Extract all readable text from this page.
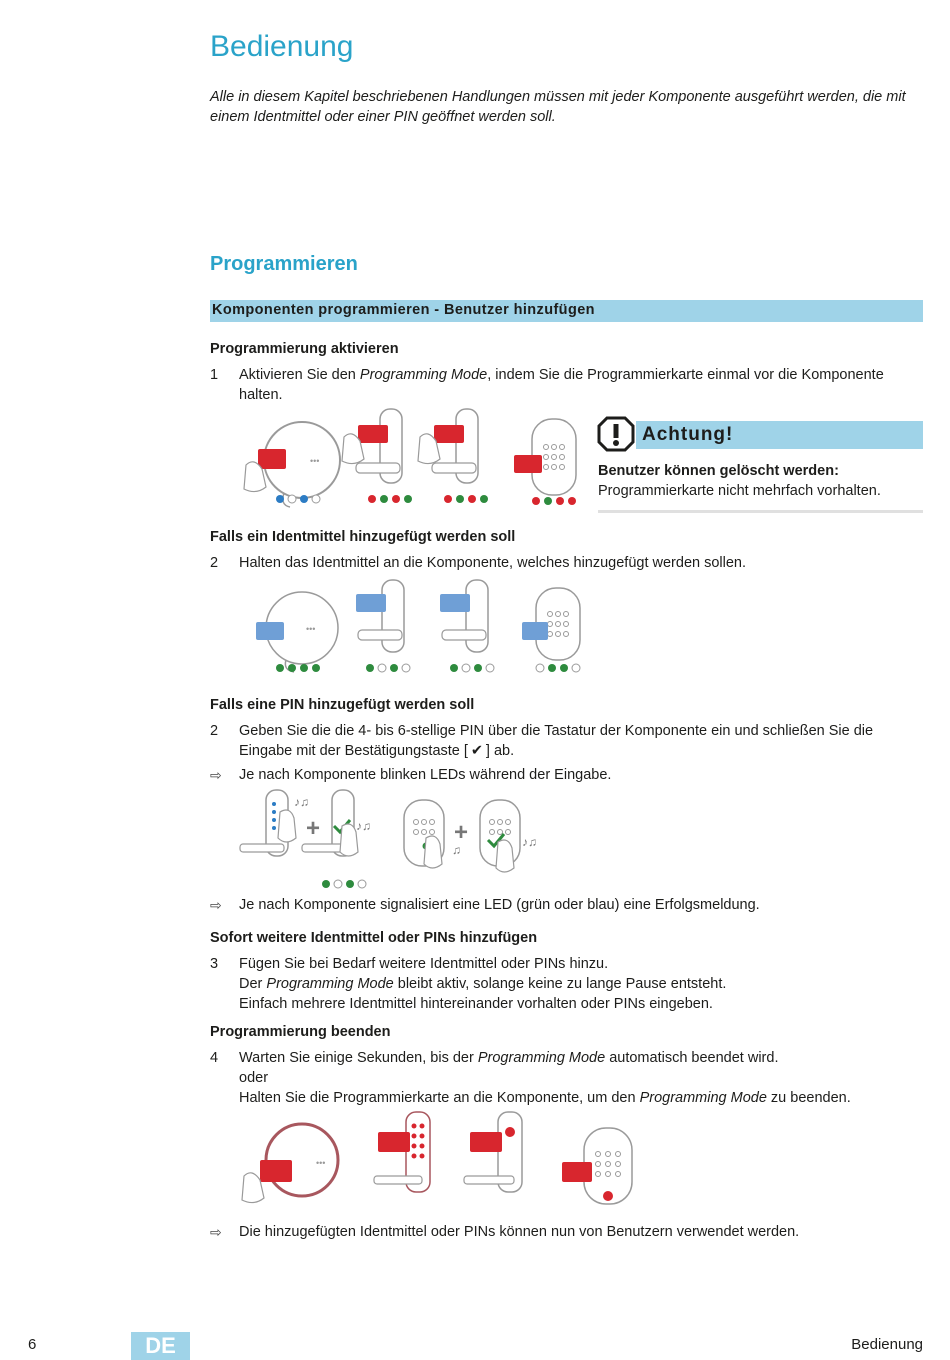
Bedienung
Alle in diesem Kapitel beschriebenen Handlungen müssen mit jeder Komponente ausgeführt werden, die mit einem Identmittel oder einer PIN geöffnet werden soll.
Programmieren
Komponenten programmieren - Benutzer hinzufügen
Programmierung aktivieren
1 Aktivieren Sie den Programming Mode, indem Sie die Programmierkarte einmal vor die Komponente halten.
•••
Achtung!
Benutzer können gelöscht werden: Programmierkarte nicht mehrfach vorhalten.
Falls ein Identmittel hinzugefügt werden soll
2 Halten das Identmittel an die Komponente, welches hinzugefügt werden sollen.
•••
Falls eine PIN hinzugefügt werden soll
2 Geben Sie die die 4- bis 6-stellige PIN über die Tastatur der Komponente ein und schließen Sie die Eingabe mit der Bestätigungstaste [ ✔ ] ab.
⇨ Je nach Komponente blinken LEDs während der Eingabe.
♪♫
+	♪♫
♫
+	♪♫
⇨ Je nach Komponente signalisiert eine LED (grün oder blau) eine Erfolgsmeldung.
Sofort weitere Identmittel oder PINs hinzufügen
3 Fügen Sie bei Bedarf weitere Identmittel oder PINs hinzu.
Der Programming Mode bleibt aktiv, solange keine zu lange Pause entsteht.
Einfach mehrere Identmittel hintereinander vorhalten oder PINs eingeben.
Programmierung beenden
4 Warten Sie einige Sekunden, bis der Programming Mode automatisch beendet wird.
oder
Halten Sie die Programmierkarte an die Komponente, um den Programming Mode zu beenden.
•••
⇨ Die hinzugefügten Identmittel oder PINs können nun von Benutzern verwendet werden.
6	DE	Bedienung
